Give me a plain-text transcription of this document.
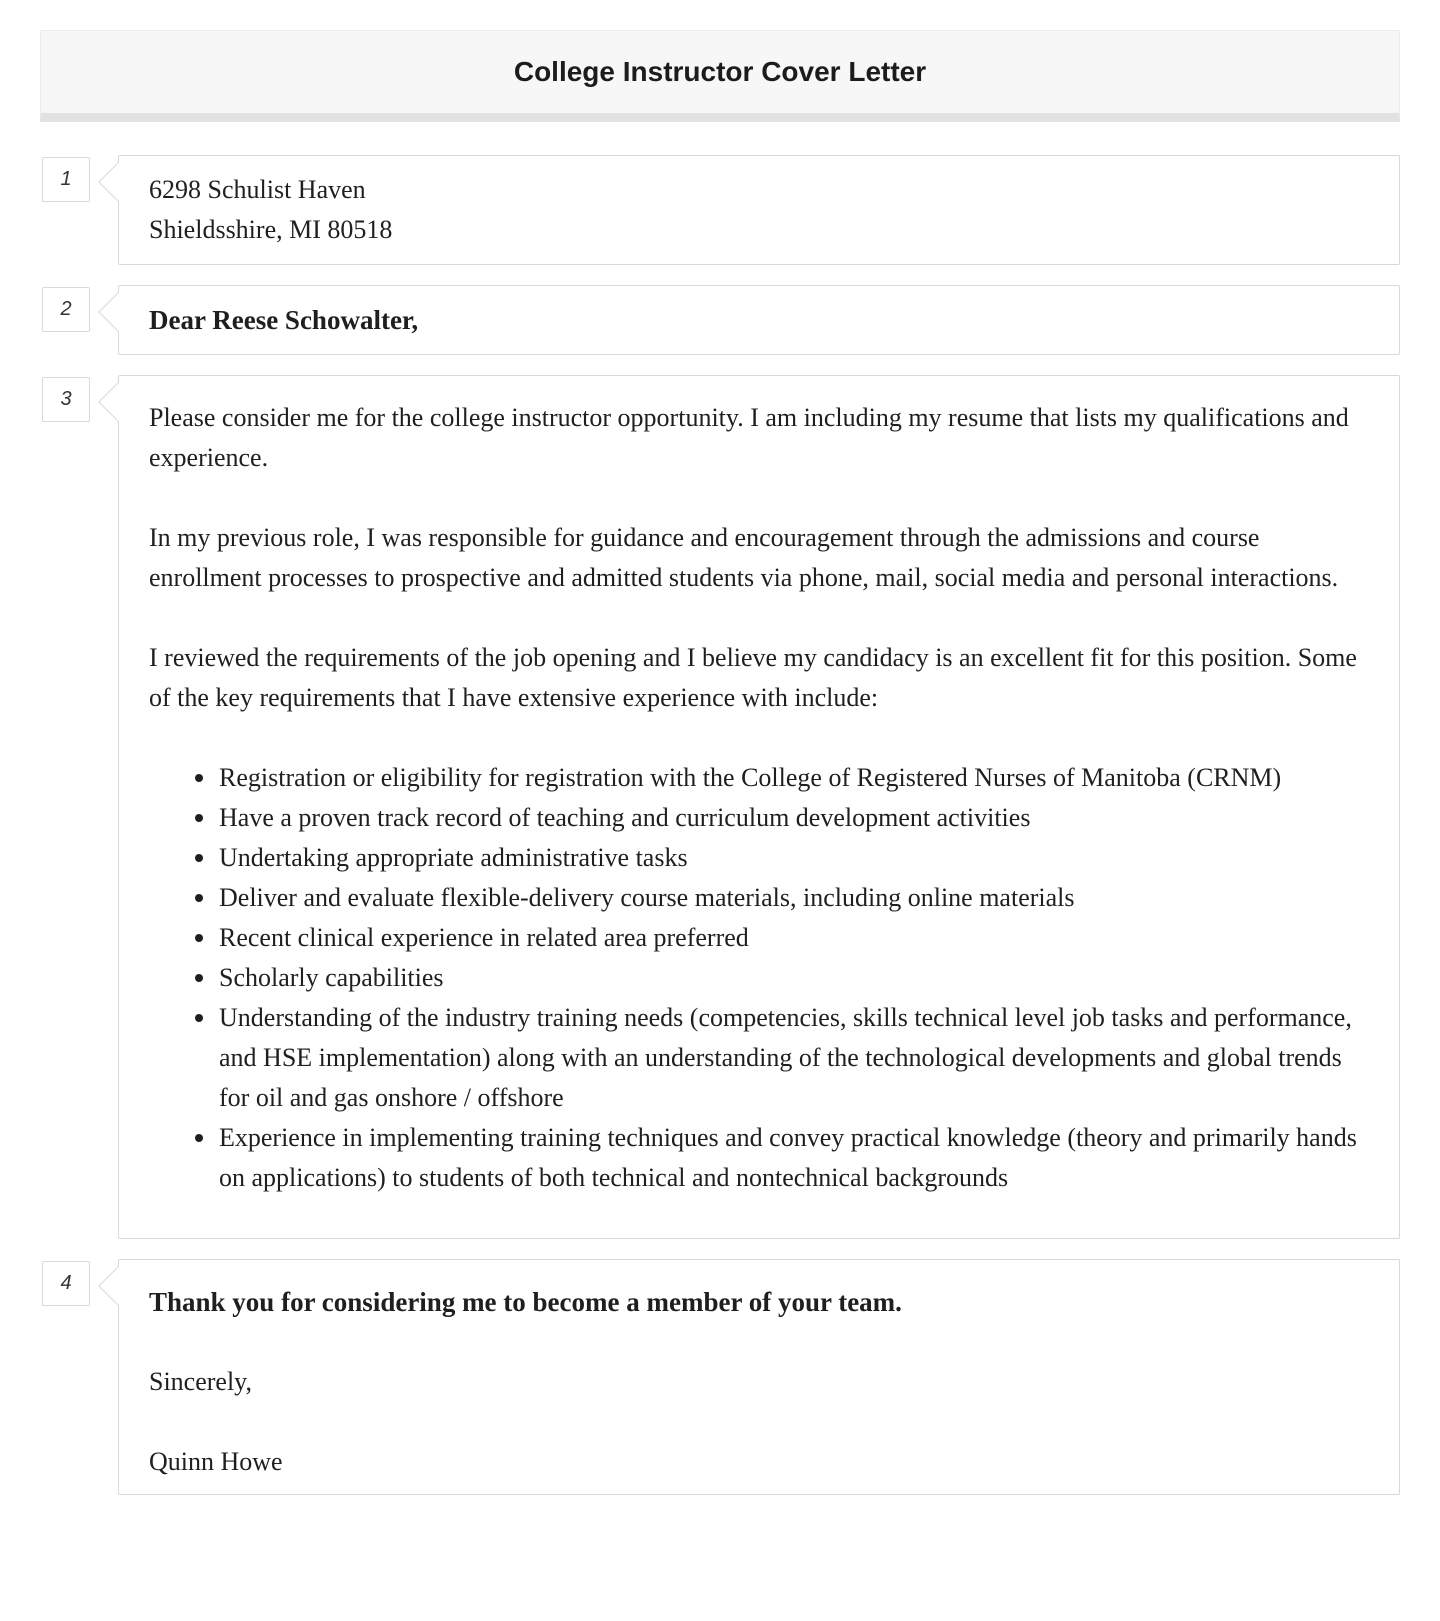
College Instructor Cover Letter
1	6298 Schulist Haven

Shieldsshire, MI 80518

2	Dear Reese Schowalter,

3

Please consider me for the college instructor opportunity. I am including my resume that lists my qualifications and experience.

In my previous role, I was responsible for guidance and encouragement through the admissions and course enrollment processes to prospective and admitted students via phone, mail, social media and personal interactions.

I reviewed the requirements of the job opening and I believe my candidacy is an excellent fit for this position. Some of the key requirements that I have extensive experience with include:

Registration or eligibility for registration with the College of Registered Nurses of Manitoba (CRNM)
Have a proven track record of teaching and curriculum development activities
Undertaking appropriate administrative tasks
Deliver and evaluate flexible-delivery course materials, including online materials
Recent clinical experience in related area preferred
Scholarly capabilities
Understanding of the industry training needs (competencies, skills technical level job tasks and performance, and HSE implementation) along with an understanding of the technological developments and global trends for oil and gas onshore / offshore
Experience in implementing training techniques and convey practical knowledge (theory and primarily hands on applications) to students of both technical and nontechnical backgrounds
4

Thank you for considering me to become a member of your team.

Sincerely,

Quinn Howe
